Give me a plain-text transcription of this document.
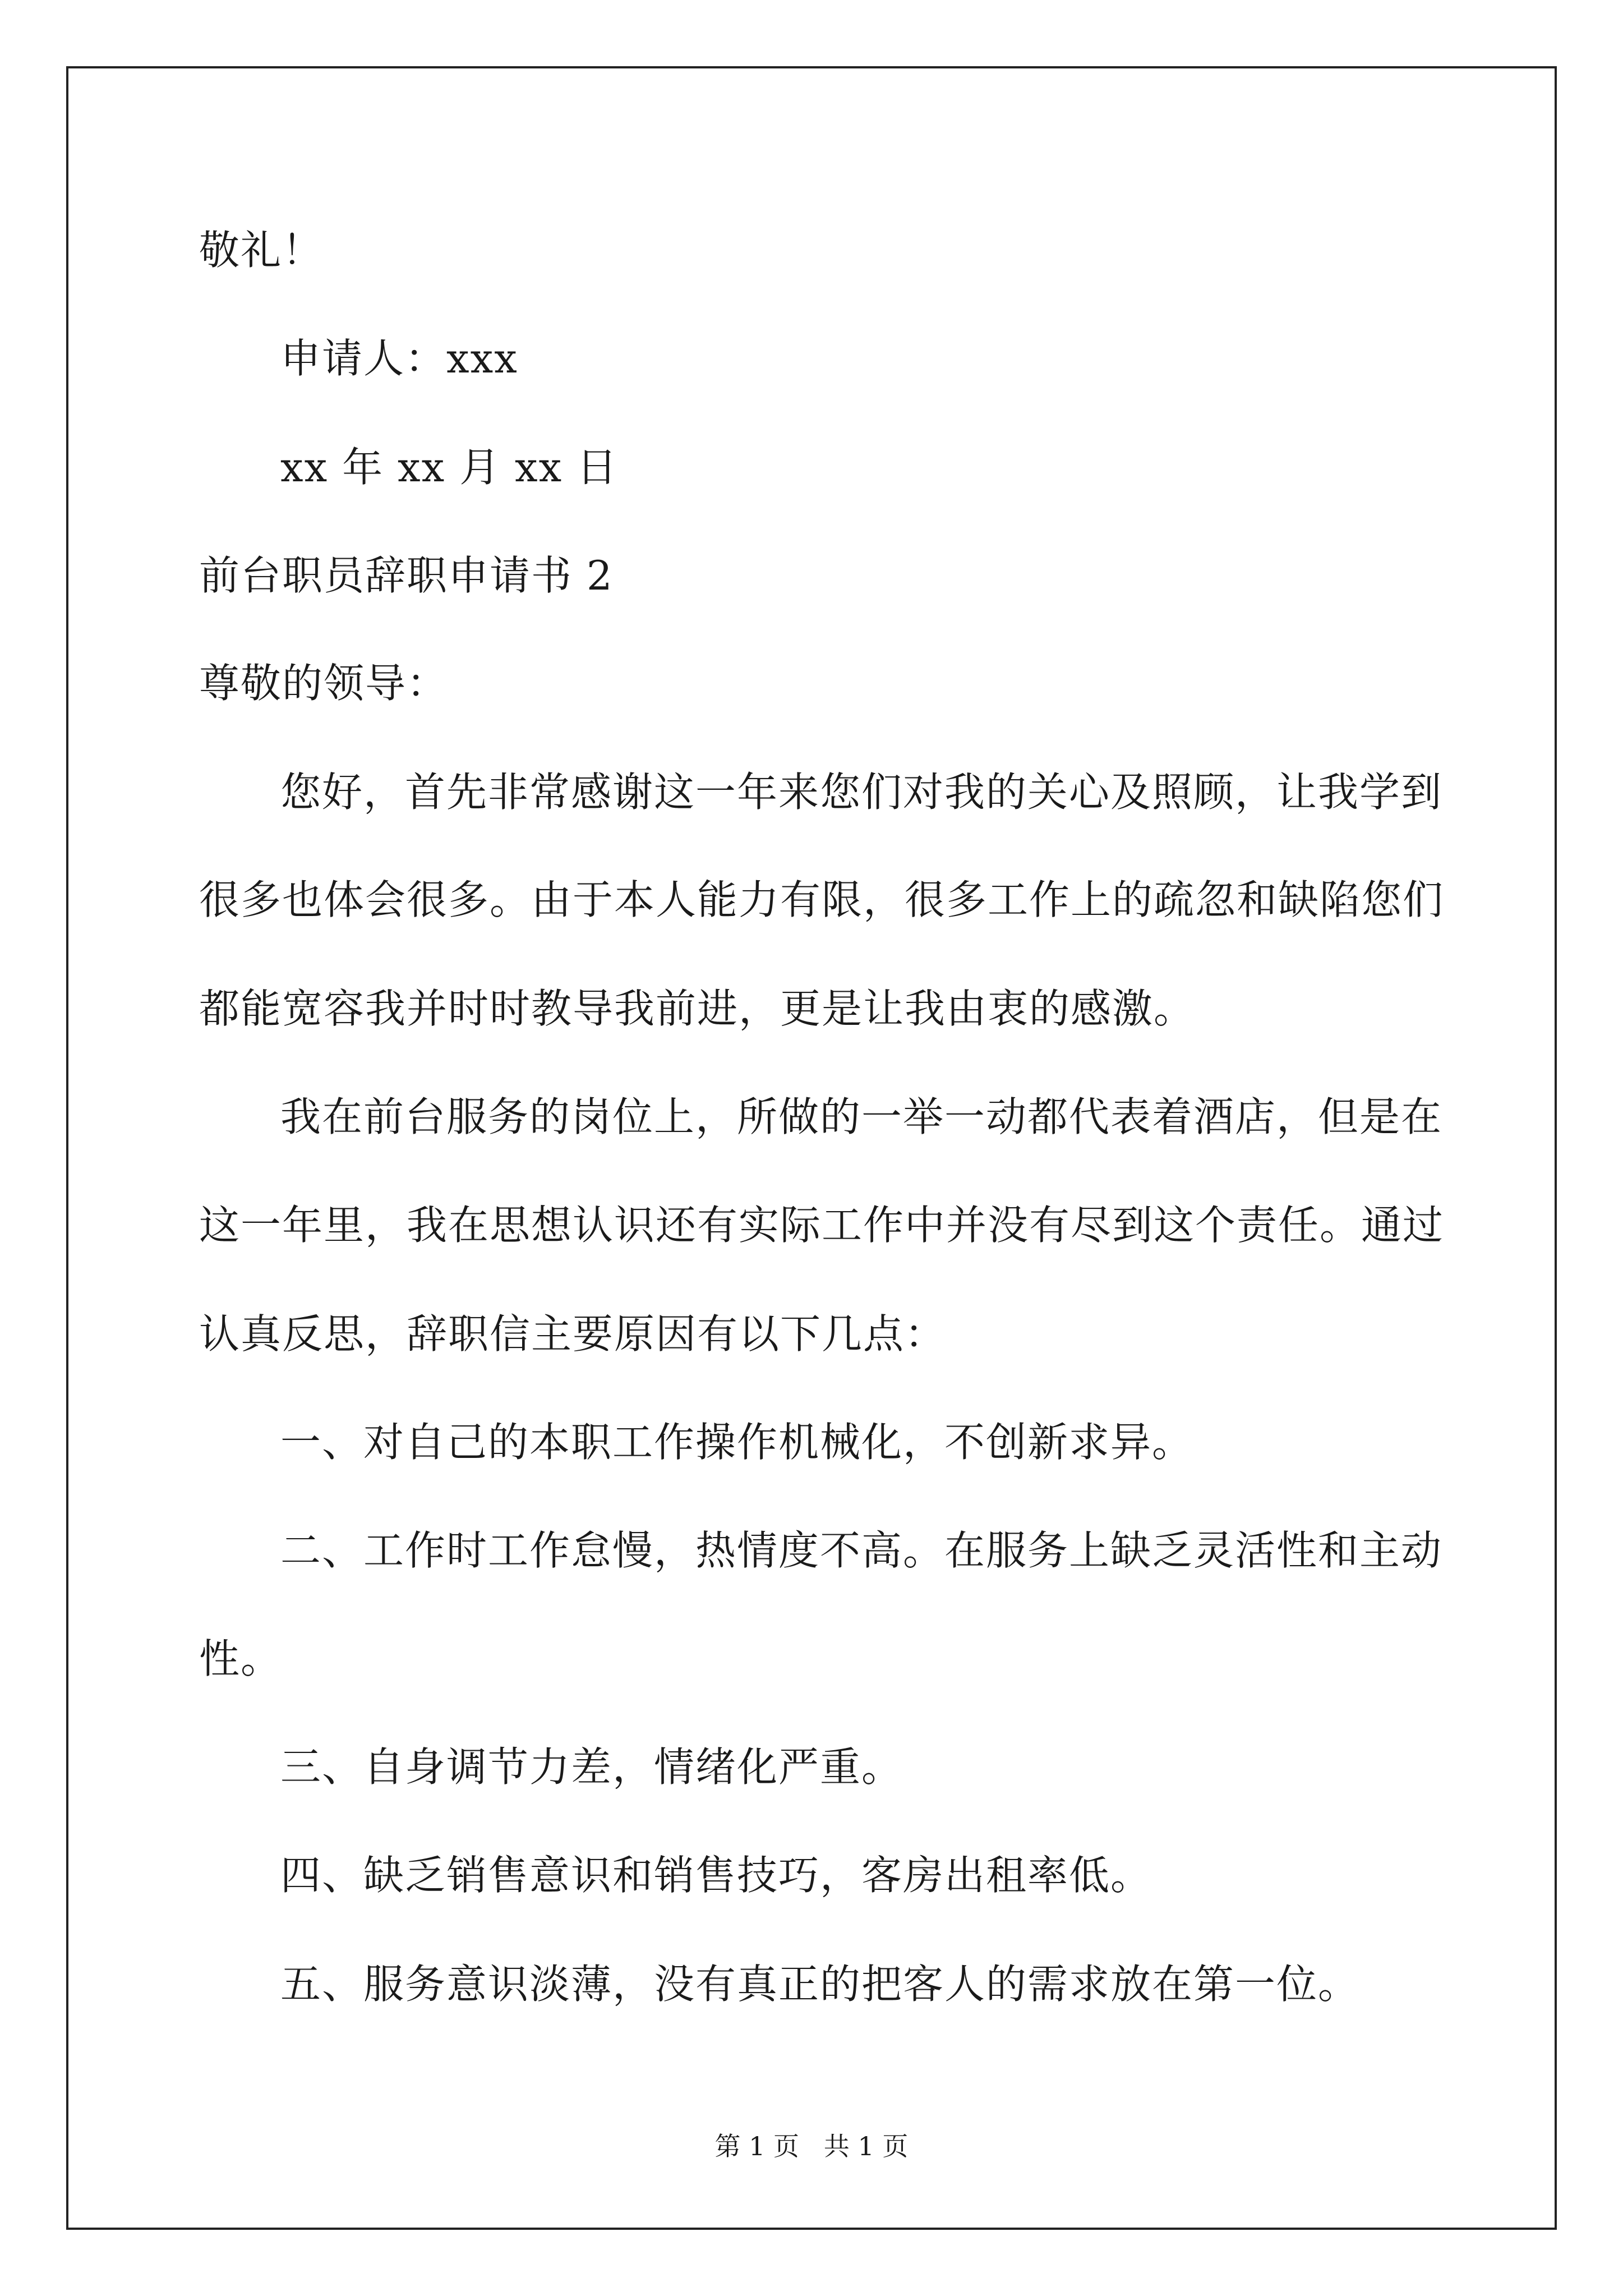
敬礼！
申请人：xxx
xx 年 xx 月 xx 日
前台职员辞职申请书 2
尊敬的领导：
您好，首先非常感谢这一年来您们对我的关心及照顾，让我学到
很多也体会很多。由于本人能力有限，很多工作上的疏忽和缺陷您们
都能宽容我并时时教导我前进，更是让我由衷的感激。
我在前台服务的岗位上，所做的一举一动都代表着酒店，但是在
这一年里，我在思想认识还有实际工作中并没有尽到这个责任。通过
认真反思，辞职信主要原因有以下几点：
一、对自己的本职工作操作机械化，不创新求异。
二、工作时工作怠慢，热情度不高。在服务上缺乏灵活性和主动
性。
三、自身调节力差，情绪化严重。
四、缺乏销售意识和销售技巧，客房出租率低。
五、服务意识淡薄，没有真正的把客人的需求放在第一位。
第 1 页   共 1 页
